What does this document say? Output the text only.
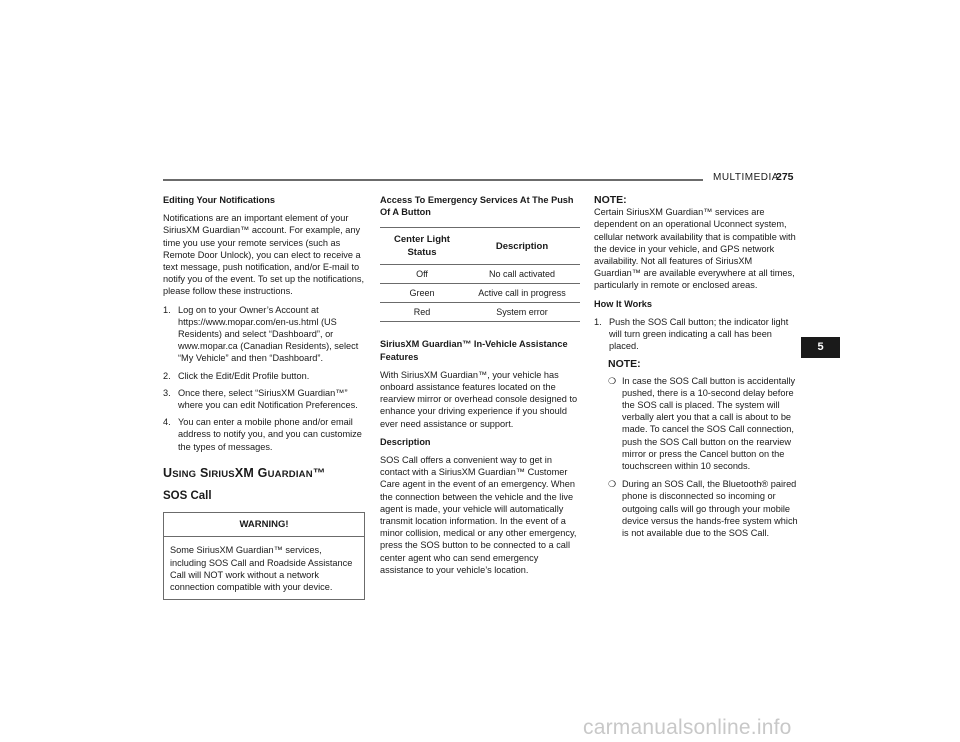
MULTIMEDIA
275

Editing Your Notifications

Notifications are an important element of your SiriusXM Guardian™ account. For example, any time you use your remote services (such as Remote Door Unlock), you can elect to receive a text message, push notification, and/or E-mail to notify you of the event. To set up the notifications, please follow these instructions.

1. Log on to your Owner’s Account at https://www.mopar.com/en-us.html (US Residents) and select “Dashboard”, or www.mopar.ca (Canadian Residents), select “My Vehicle” and then “Dashboard”.
2. Click the Edit/Edit Profile button.
3. Once there, select “SiriusXM Guardian™” where you can edit Notification Preferences.
4. You can enter a mobile phone and/or email address to notify you, and you can customize the types of messages.
USING SIRIUSXM GUARDIAN™
SOS Call
WARNING!
Some SiriusXM Guardian™ services, including SOS Call and Roadside Assistance Call will NOT work without a network connection compatible with your device.

Access To Emergency Services At The Push Of A Button

Center Light Status	Description
Off	No call activated
Green	Active call in progress
Red	System error

SiriusXM Guardian™ In-Vehicle Assistance Features

With SiriusXM Guardian™, your vehicle has onboard assistance features located on the rearview mirror or overhead console designed to enhance your driving experience if you should ever need assistance or support.

Description

SOS Call offers a convenient way to get in contact with a SiriusXM Guardian™ Customer Care agent in the event of an emergency. When the connection between the vehicle and the live agent is made, your vehicle will automatically transmit location information. In the event of a minor collision, medical or any other emergency, press the SOS button to be connected to a call center agent who can send emergency assistance to your vehicle’s location.

NOTE:

Certain SiriusXM Guardian™ services are dependent on an operational Uconnect system, cellular network availability that is compatible with the device in your vehicle, and GPS network availability. Not all features of SiriusXM Guardian™ are available everywhere at all times, particularly in remote or enclosed areas.

How It Works

1. Push the SOS Call button; the indicator light will turn green indicating a call has been placed.

NOTE:

❍ In case the SOS Call button is accidentally pushed, there is a 10-second delay before the SOS call is placed. The system will verbally alert you that a call is about to be made. To cancel the SOS Call connection, push the SOS Call button on the rearview mirror or press the Cancel button on the touchscreen within 10 seconds.
❍ During an SOS Call, the Bluetooth® paired phone is disconnected so incoming or outgoing calls will go through your mobile device versus the hands-free system which is not available due to the SOS Call.
5
carmanualsonline.info
